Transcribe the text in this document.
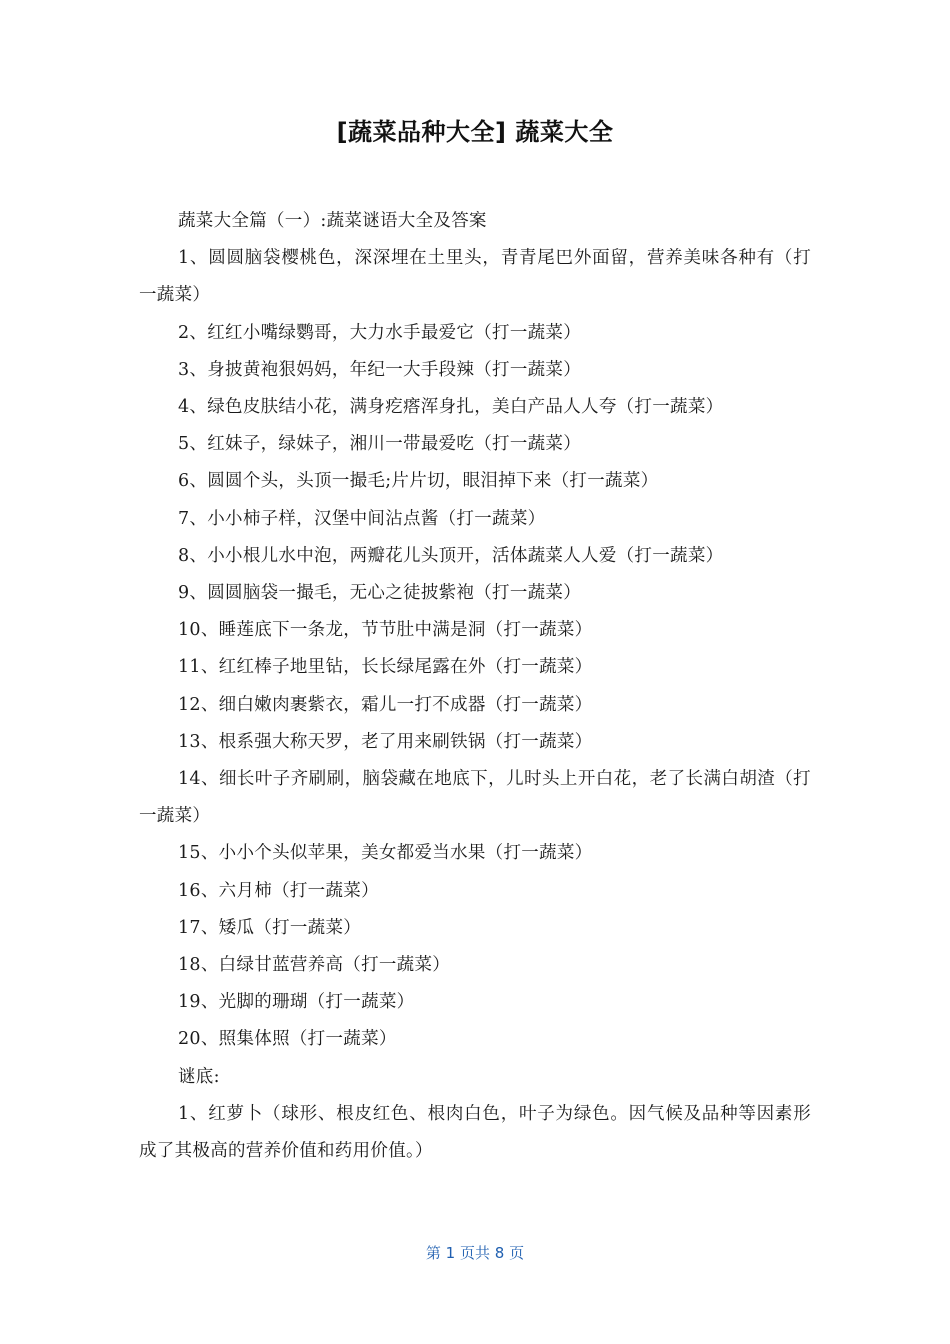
[蔬菜品种大全] 蔬菜大全

蔬菜大全篇（一）:蔬菜谜语大全及答案

1、圆圆脑袋樱桃色，深深埋在土里头，青青尾巴外面留，营养美味各种有（打一蔬菜）

2、红红小嘴绿鹦哥，大力水手最爱它（打一蔬菜）

3、身披黄袍狠妈妈，年纪一大手段辣（打一蔬菜）

4、绿色皮肤结小花，满身疙瘩浑身扎，美白产品人人夸（打一蔬菜）

5、红妹子，绿妹子，湘川一带最爱吃（打一蔬菜）

6、圆圆个头，头顶一撮毛;片片切，眼泪掉下来（打一蔬菜）

7、小小柿子样，汉堡中间沾点酱（打一蔬菜）

8、小小根儿水中泡，两瓣花儿头顶开，活体蔬菜人人爱（打一蔬菜）

9、圆圆脑袋一撮毛，无心之徒披紫袍（打一蔬菜）

10、睡莲底下一条龙，节节肚中满是洞（打一蔬菜）

11、红红棒子地里钻，长长绿尾露在外（打一蔬菜）

12、细白嫩肉裹紫衣，霜儿一打不成器（打一蔬菜）

13、根系强大称天罗，老了用来刷铁锅（打一蔬菜）

14、细长叶子齐刷刷，脑袋藏在地底下，儿时头上开白花，老了长满白胡渣（打一蔬菜）

15、小小个头似苹果，美女都爱当水果（打一蔬菜）

16、六月柿（打一蔬菜）

17、矮瓜（打一蔬菜）

18、白绿甘蓝营养高（打一蔬菜）

19、光脚的珊瑚（打一蔬菜）

20、照集体照（打一蔬菜）

谜底:

1、红萝卜（球形、根皮红色、根肉白色，叶子为绿色。因气候及品种等因素形成了其极高的营养价值和药用价值。）

第 1 页共 8 页
